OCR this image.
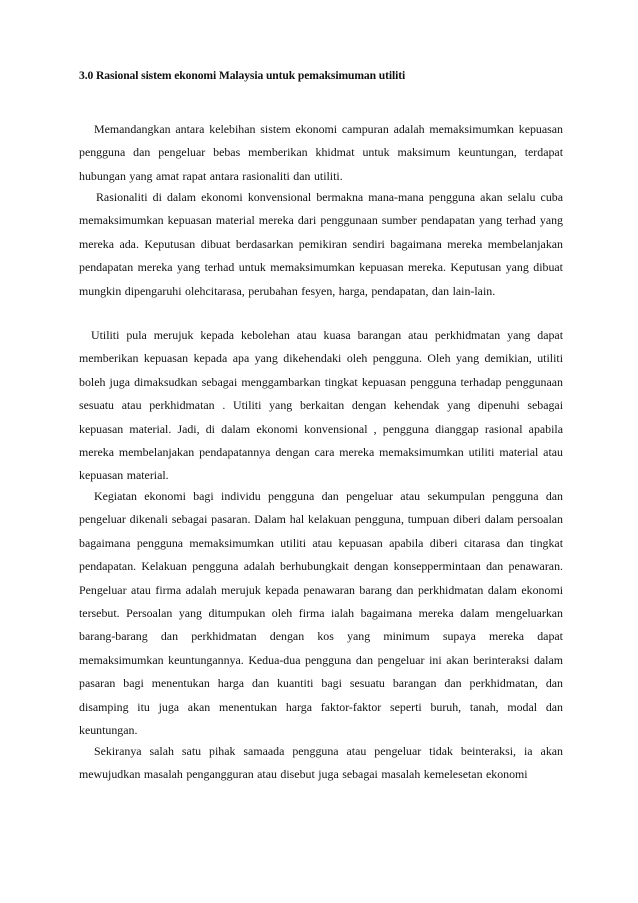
3.0 Rasional sistem ekonomi Malaysia untuk pemaksimuman utiliti

Memandangkan antara kelebihan sistem ekonomi campuran adalah memaksimumkan kepuasan pengguna dan pengeluar bebas memberikan khidmat untuk maksimum keuntungan, terdapat hubungan yang amat rapat antara rasionaliti dan utiliti.

Rasionaliti di dalam ekonomi konvensional bermakna mana-mana pengguna akan selalu cuba memaksimumkan kepuasan material mereka dari penggunaan sumber pendapatan yang terhad yang mereka ada. Keputusan dibuat berdasarkan pemikiran sendiri bagaimana mereka membelanjakan pendapatan mereka yang terhad untuk memaksimumkan kepuasan mereka. Keputusan yang dibuat mungkin dipengaruhi olehcitarasa, perubahan fesyen, harga, pendapatan, dan lain-lain.

Utiliti pula merujuk kepada kebolehan atau kuasa barangan atau perkhidmatan yang dapat memberikan kepuasan kepada apa yang dikehendaki oleh pengguna. Oleh yang demikian, utiliti boleh juga dimaksudkan sebagai menggambarkan tingkat kepuasan pengguna terhadap penggunaan sesuatu atau perkhidmatan . Utiliti yang berkaitan dengan kehendak yang dipenuhi sebagai kepuasan material. Jadi, di dalam ekonomi konvensional , pengguna dianggap rasional apabila mereka membelanjakan pendapatannya dengan cara mereka memaksimumkan utiliti material atau kepuasan material.

Kegiatan ekonomi bagi individu pengguna dan pengeluar atau sekumpulan pengguna dan pengeluar dikenali sebagai pasaran. Dalam hal kelakuan pengguna, tumpuan diberi dalam persoalan bagaimana pengguna memaksimumkan utiliti atau kepuasan apabila diberi citarasa dan tingkat pendapatan. Kelakuan pengguna adalah berhubungkait dengan konseppermintaan dan penawaran. Pengeluar atau firma adalah merujuk kepada penawaran barang dan perkhidmatan dalam ekonomi tersebut. Persoalan yang ditumpukan oleh firma ialah bagaimana mereka dalam mengeluarkan barang-barang dan perkhidmatan dengan kos yang minimum supaya mereka dapat memaksimumkan keuntungannya. Kedua-dua pengguna dan pengeluar ini akan berinteraksi dalam pasaran bagi menentukan harga dan kuantiti bagi sesuatu barangan dan perkhidmatan, dan disamping itu juga akan menentukan harga faktor-faktor seperti buruh, tanah, modal dan keuntungan.

Sekiranya salah satu pihak samaada pengguna atau pengeluar tidak beinteraksi, ia akan mewujudkan masalah pengangguran atau disebut juga sebagai masalah kemelesetan ekonomi
